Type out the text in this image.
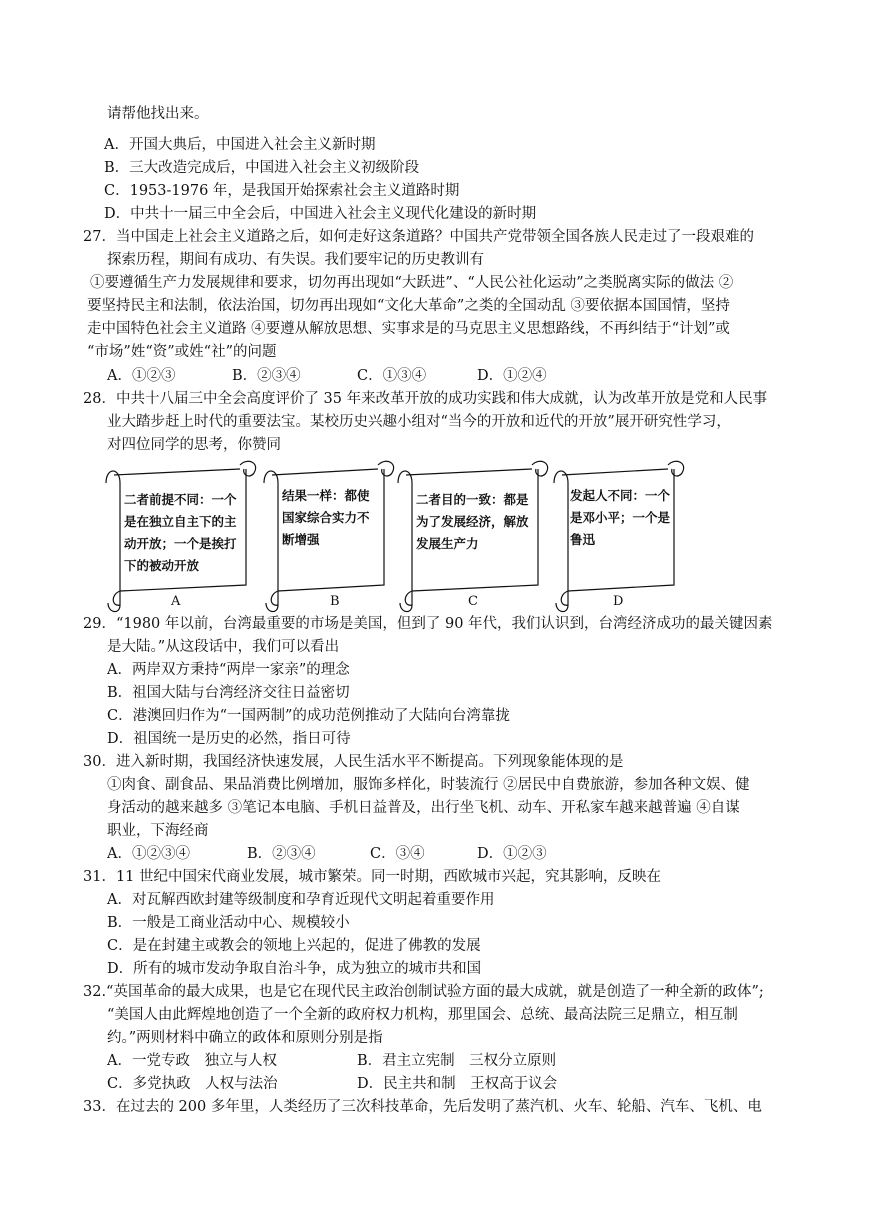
请帮他找出来。
A．开国大典后，中国进入社会主义新时期
B．三大改造完成后，中国进入社会主义初级阶段
C．1953-1976 年，是我国开始探索社会主义道路时期
D．中共十一届三中全会后，中国进入社会主义现代化建设的新时期
27．当中国走上社会主义道路之后，如何走好这条道路？中国共产党带领全国各族人民走过了一段艰难的
探索历程，期间有成功、有失误。我们要牢记的历史教训有
①要遵循生产力发展规律和要求，切勿再出现如“大跃进”、“人民公社化运动”之类脱离实际的做法 ②
要坚持民主和法制，依法治国，切勿再出现如“文化大革命”之类的全国动乱 ③要依据本国国情，坚持
走中国特色社会主义道路 ④要遵从解放思想、实事求是的马克思主义思想路线，不再纠结于“计划”或
“市场”姓“资”或姓“社”的问题
A．①②③	B．②③④	C．①③④	D．①②④
28．中共十八届三中全会高度评价了 35 年来改革开放的成功实践和伟大成就，认为改革开放是党和人民事
业大踏步赶上时代的重要法宝。某校历史兴趣小组对“当今的开放和近代的开放”展开研究性学习，
对四位同学的思考，你赞同
二者前提不同：一个是在独立自主下的主动开放；一个是挨打下的被动开放
A
结果一样：都使国家综合实力不断增强
B
二者目的一致：都是为了发展经济，解放发展生产力
C
发起人不同：一个是邓小平；一个是鲁迅
D
29．“1980 年以前，台湾最重要的市场是美国，但到了 90 年代，我们认识到，台湾经济成功的最关键因素
是大陆。”从这段话中，我们可以看出
A．两岸双方秉持“两岸一家亲”的理念
B．祖国大陆与台湾经济交往日益密切
C．港澳回归作为“一国两制”的成功范例推动了大陆向台湾靠拢
D．祖国统一是历史的必然，指日可待
30．进入新时期，我国经济快速发展，人民生活水平不断提高。下列现象能体现的是
①肉食、副食品、果品消费比例增加，服饰多样化，时装流行 ②居民中自费旅游，参加各种文娱、健
身活动的越来越多 ③笔记本电脑、手机日益普及，出行坐飞机、动车、开私家车越来越普遍 ④自谋
职业，下海经商
A．①②③④	B．②③④	C．③④	D．①②③
31．11 世纪中国宋代商业发展，城市繁荣。同一时期，西欧城市兴起，究其影响，反映在
A．对瓦解西欧封建等级制度和孕育近现代文明起着重要作用
B．一般是工商业活动中心、规模较小
C．是在封建主或教会的领地上兴起的，促进了佛教的发展
D．所有的城市发动争取自治斗争，成为独立的城市共和国
32.“英国革命的最大成果，也是它在现代民主政治创制试验方面的最大成就，就是创造了一种全新的政体”;
“美国人由此辉煌地创造了一个全新的政府权力机构，那里国会、总统、最高法院三足鼎立，相互制
约。”两则材料中确立的政体和原则分别是指
A．一党专政　独立与人权	B．君主立宪制　三权分立原则
C．多党执政　人权与法治	D．民主共和制　王权高于议会
33．在过去的 200 多年里，人类经历了三次科技革命，先后发明了蒸汽机、火车、轮船、汽车、飞机、电
